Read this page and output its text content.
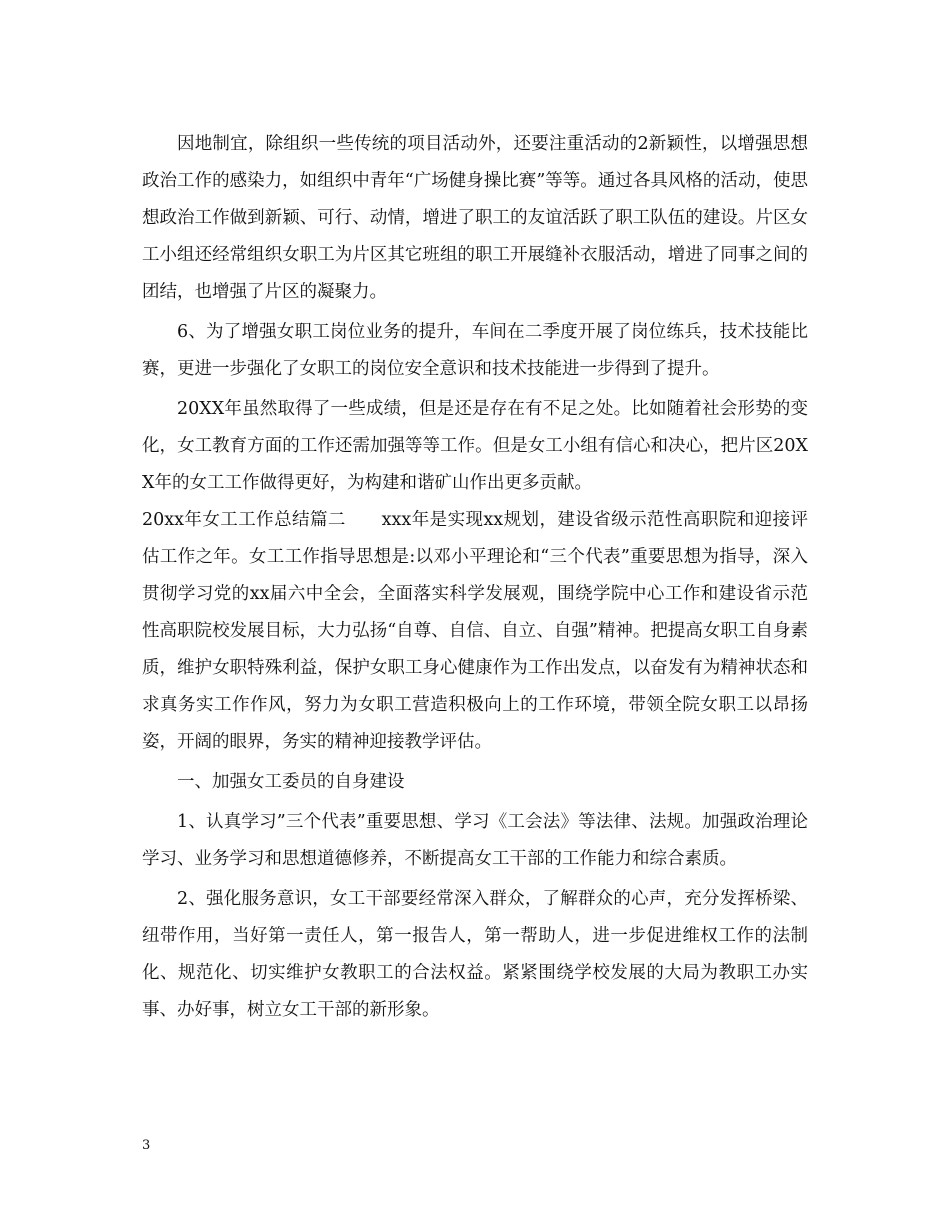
因地制宜，除组织一些传统的项目活动外，还要注重活动的2新颖性，以增强思想政治工作的感染力，如组织中青年“广场健身操比赛”等等。通过各具风格的活动，使思想政治工作做到新颖、可行、动情，增进了职工的友谊活跃了职工队伍的建设。片区女工小组还经常组织女职工为片区其它班组的职工开展缝补衣服活动，增进了同事之间的团结，也增强了片区的凝聚力。

6、为了增强女职工岗位业务的提升，车间在二季度开展了岗位练兵，技术技能比赛，更进一步强化了女职工的岗位安全意识和技术技能进一步得到了提升。

20XX年虽然取得了一些成绩，但是还是存在有不足之处。比如随着社会形势的变化，女工教育方面的工作还需加强等等工作。但是女工小组有信心和决心，把片区20XX年的女工工作做得更好，为构建和谐矿山作出更多贡献。

20xx年女工工作总结篇二　　xxx年是实现xx规划，建设省级示范性高职院和迎接评估工作之年。女工工作指导思想是:以邓小平理论和“三个代表”重要思想为指导，深入贯彻学习党的xx届六中全会，全面落实科学发展观，围绕学院中心工作和建设省示范性高职院校发展目标，大力弘扬“自尊、自信、自立、自强”精神。把提高女职工自身素质，维护女职特殊利益，保护女职工身心健康作为工作出发点，以奋发有为精神状态和求真务实工作作风，努力为女职工营造积极向上的工作环境，带领全院女职工以昂扬姿，开阔的眼界，务实的精神迎接教学评估。

一、加强女工委员的自身建设

1、认真学习”三个代表”重要思想、学习《工会法》等法律、法规。加强政治理论学习、业务学习和思想道德修养，不断提高女工干部的工作能力和综合素质。

2、强化服务意识，女工干部要经常深入群众，了解群众的心声，充分发挥桥梁、纽带作用，当好第一责任人，第一报告人，第一帮助人，进一步促进维权工作的法制化、规范化、切实维护女教职工的合法权益。紧紧围绕学校发展的大局为教职工办实事、办好事，树立女工干部的新形象。

3
